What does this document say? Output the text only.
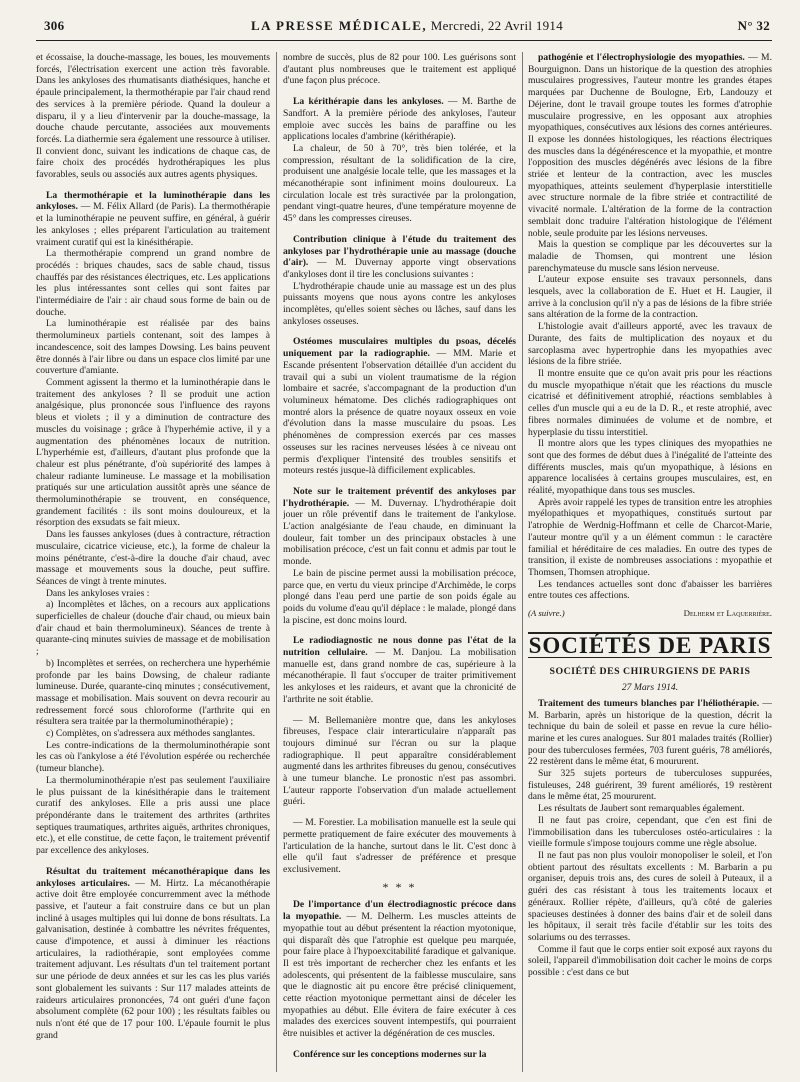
306	LA PRESSE MÉDICALE, Mercredi, 22 Avril 1914	N° 32

et écossaise, la douche-massage, les boues, les mouvements forcés, l'électrisation exercent une action très favorable. Dans les ankyloses des rhumatisants diathésiques, hanche et épaule principalement, la thermothérapie par l'air chaud rend des services à la première période. Quand la douleur a disparu, il y a lieu d'intervenir par la douche-massage, la douche chaude percutante, associées aux mouvements forcés. La diathermie sera également une ressource à utiliser. Il convient donc, suivant les indications de chaque cas, de faire choix des procédés hydrothérapiques les plus favorables, seuls ou associés aux autres agents physiques.

La thermothérapie et la luminothérapie dans les ankyloses. — M. Félix Allard (de Paris). La thermothérapie et la luminothérapie ne peuvent suffire, en général, à guérir les ankyloses ; elles préparent l'articulation au traitement vraiment curatif qui est la kinésithérapie.

La thermothérapie comprend un grand nombre de procédés : briques chaudes, sacs de sable chaud, tissus chauffés par des résistances électriques, etc. Les applications les plus intéressantes sont celles qui sont faites par l'intermédiaire de l'air : air chaud sous forme de bain ou de douche.

La luminothérapie est réalisée par des bains thermolumineux partiels contenant, soit des lampes à incandescence, soit des lampes Dowsing. Les bains peuvent être donnés à l'air libre ou dans un espace clos limité par une couverture d'amiante.

Comment agissent la thermo et la luminothérapie dans le traitement des ankyloses ? Il se produit une action analgésique, plus prononcée sous l'influence des rayons bleus et violets ; il y a diminution de contracture des muscles du voisinage ; grâce à l'hyperhémie active, il y a augmentation des phénomènes locaux de nutrition. L'hyperhémie est, d'ailleurs, d'autant plus profonde que la chaleur est plus pénétrante, d'où supériorité des lampes à chaleur radiante lumineuse. Le massage et la mobilisation pratiqués sur une articulation aussitôt après une séance de thermoluminothérapie se trouvent, en conséquence, grandement facilités : ils sont moins douloureux, et la résorption des exsudats se fait mieux.

Dans les fausses ankyloses (dues à contracture, rétraction musculaire, cicatrice vicieuse, etc.), la forme de chaleur la moins pénétrante, c'est-à-dire la douche d'air chaud, avec massage et mouvements sous la douche, peut suffire. Séances de vingt à trente minutes.

Dans les ankyloses vraies :

a) Incomplètes et lâches, on a recours aux applications superficielles de chaleur (douche d'air chaud, ou mieux bain d'air chaud et bain thermolumineux). Séances de trente à quarante-cinq minutes suivies de massage et de mobilisation ;

b) Incomplètes et serrées, on recherchera une hyperhémie profonde par les bains Dowsing, de chaleur radiante lumineuse. Durée, quarante-cinq minutes ; consécutivement, massage et mobilisation. Mais souvent on devra recourir au redressement forcé sous chloroforme (l'arthrite qui en résultera sera traitée par la thermoluminothérapie) ;

c) Complètes, on s'adressera aux méthodes sanglantes.

Les contre-indications de la thermoluminothérapie sont les cas où l'ankylose a été l'évolution espérée ou recherchée (tumeur blanche).

La thermoluminothérapie n'est pas seulement l'auxiliaire le plus puissant de la kinésithérapie dans le traitement curatif des ankyloses. Elle a pris aussi une place prépondérante dans le traitement des arthrites (arthrites septiques traumatiques, arthrites aiguës, arthrites chroniques, etc.), et elle constitue, de cette façon, le traitement préventif par excellence des ankyloses.

Résultat du traitement mécanothérapique dans les ankyloses articulaires. — M. Hirtz. La mécanothérapie active doit être employée concurremment avec la méthode passive, et l'auteur a fait construire dans ce but un plan incliné à usages multiples qui lui donne de bons résultats. La galvanisation, destinée à combattre les névrites fréquentes, cause d'impotence, et aussi à diminuer les réactions articulaires, la radiothérapie, sont employées comme traitement adjuvant. Les résultats d'un tel traitement portant sur une période de deux années et sur les cas les plus variés sont globalement les suivants : Sur 117 malades atteints de raideurs articulaires prononcées, 74 ont guéri d'une façon absolument complète (62 pour 100) ; les résultats faibles ou nuls n'ont été que de 17 pour 100. L'épaule fournit le plus grand

nombre de succès, plus de 82 pour 100. Les guérisons sont d'autant plus nombreuses que le traitement est appliqué d'une façon plus précoce.

La kérithérapie dans les ankyloses. — M. Barthe de Sandfort. A la première période des ankyloses, l'auteur emploie avec succès les bains de paraffine ou les applications locales d'ambrine (kérithérapie).

La chaleur, de 50 à 70°, très bien tolérée, et la compression, résultant de la solidification de la cire, produisent une analgésie locale telle, que les massages et la mécanothérapie sont infiniment moins douloureux. La circulation locale est très suractivée par la prolongation, pendant vingt-quatre heures, d'une température moyenne de 45° dans les compresses cireuses.

Contribution clinique à l'étude du traitement des ankyloses par l'hydrothérapie unie au massage (douche d'air). — M. Duvernay apporte vingt observations d'ankyloses dont il tire les conclusions suivantes :

L'hydrothérapie chaude unie au massage est un des plus puissants moyens que nous ayons contre les ankyloses incomplètes, qu'elles soient sèches ou lâches, sauf dans les ankyloses osseuses.

Ostéomes musculaires multiples du psoas, décelés uniquement par la radiographie. — MM. Marie et Escande présentent l'observation détaillée d'un accident du travail qui a subi un violent traumatisme de la région lombaire et sacrée, s'accompagnant de la production d'un volumineux hématome. Des clichés radiographiques ont montré alors la présence de quatre noyaux osseux en voie d'évolution dans la masse musculaire du psoas. Les phénomènes de compression exercés par ces masses osseuses sur les racines nerveuses lésées à ce niveau ont permis d'expliquer l'intensité des troubles sensitifs et moteurs restés jusque-là difficilement explicables.

Note sur le traitement préventif des ankyloses par l'hydrothérapie. — M. Duvernay. L'hydrothérapie doit jouer un rôle préventif dans le traitement de l'ankylose. L'action analgésiante de l'eau chaude, en diminuant la douleur, fait tomber un des principaux obstacles à une mobilisation précoce, c'est un fait connu et admis par tout le monde.

Le bain de piscine permet aussi la mobilisation précoce, parce que, en vertu du vieux principe d'Archimède, le corps plongé dans l'eau perd une partie de son poids égale au poids du volume d'eau qu'il déplace : le malade, plongé dans la piscine, est donc moins lourd.

Le radiodiagnostic ne nous donne pas l'état de la nutrition cellulaire. — M. Danjou. La mobilisation manuelle est, dans grand nombre de cas, supérieure à la mécanothérapie. Il faut s'occuper de traiter primitivement les ankyloses et les raideurs, et avant que la chronicité de l'arthrite ne soit établie.

— M. Bellemanière montre que, dans les ankyloses fibreuses, l'espace clair interarticulaire n'apparaît pas toujours diminué sur l'écran ou sur la plaque radiographique. Il peut apparaître considérablement augmenté dans les arthrites fibreuses du genou, consécutives à une tumeur blanche. Le pronostic n'est pas assombri. L'auteur rapporte l'observation d'un malade actuellement guéri.

— M. Forestier. La mobilisation manuelle est la seule qui permette pratiquement de faire exécuter des mouvements à l'articulation de la hanche, surtout dans le lit. C'est donc à elle qu'il faut s'adresser de préférence et presque exclusivement.

* * *

De l'importance d'un électrodiagnostic précoce dans la myopathie. — M. Delherm. Les muscles atteints de myopathie tout au début présentent la réaction myotonique, qui disparaît dès que l'atrophie est quelque peu marquée, pour faire place à l'hypoexcitabilité faradique et galvanique. Il est très important de rechercher chez les enfants et les adolescents, qui présentent de la faiblesse musculaire, sans que le diagnostic ait pu encore être précisé cliniquement, cette réaction myotonique permettant ainsi de déceler les myopathies au début. Elle évitera de faire exécuter à ces malades des exercices souvent intempestifs, qui pourraient être nuisibles et activer la dégénération de ces muscles.

Conférence sur les conceptions modernes sur la

pathogénie et l'électrophysiologie des myopathies. — M. Bourguignon. Dans un historique de la question des atrophies musculaires progressives, l'auteur montre les grandes étapes marquées par Duchenne de Boulogne, Erb, Landouzy et Déjerine, dont le travail groupe toutes les formes d'atrophie musculaire progressive, en les opposant aux atrophies myopathiques, consécutives aux lésions des cornes antérieures. Il expose les données histologiques, les réactions électriques des muscles dans la dégénérescence et la myopathie, et montre l'opposition des muscles dégénérés avec lésions de la fibre striée et lenteur de la contraction, avec les muscles myopathiques, atteints seulement d'hyperplasie interstitielle avec structure normale de la fibre striée et contractilité de vivacité normale. L'altération de la forme de la contraction semblait donc traduire l'altération histologique de l'élément noble, seule produite par les lésions nerveuses.

Mais la question se complique par les découvertes sur la maladie de Thomsen, qui montrent une lésion parenchymateuse du muscle sans lésion nerveuse.

L'auteur expose ensuite ses travaux personnels, dans lesquels, avec la collaboration de E. Huet et H. Laugier, il arrive à la conclusion qu'il n'y a pas de lésions de la fibre striée sans altération de la forme de la contraction.

L'histologie avait d'ailleurs apporté, avec les travaux de Durante, des faits de multiplication des noyaux et du sarcoplasma avec hypertrophie dans les myopathies avec lésions de la fibre striée.

Il montre ensuite que ce qu'on avait pris pour les réactions du muscle myopathique n'était que les réactions du muscle cicatrisé et définitivement atrophié, réactions semblables à celles d'un muscle qui a eu de la D. R., et reste atrophié, avec fibres normales diminuées de volume et de nombre, et hyperplasie du tissu interstitiel.

Il montre alors que les types cliniques des myopathies ne sont que des formes de début dues à l'inégalité de l'atteinte des différents muscles, mais qu'un myopathique, à lésions en apparence localisées à certains groupes musculaires, est, en réalité, myopathique dans tous ses muscles.

Après avoir rappelé les types de transition entre les atrophies myélopathiques et myopathiques, constitués surtout par l'atrophie de Werdnig-Hoffmann et celle de Charcot-Marie, l'auteur montre qu'il y a un élément commun : le caractère familial et héréditaire de ces maladies. En outre des types de transition, il existe de nombreuses associations : myopathie et Thomsen, Thomsen atrophique.

Les tendances actuelles sont donc d'abaisser les barrières entre toutes ces affections.

(A suivre.)	Delherm et Laquerrière.
SOCIÉTÉS DE PARIS
SOCIÉTÉ DES CHIRURGIENS DE PARIS
27 Mars 1914.

Traitement des tumeurs blanches par l'héliothérapie. — M. Barbarin, après un historique de la question, décrit la technique du bain de soleil et passe en revue la cure hélio-marine et les cures analogues. Sur 801 malades traités (Rollier) pour des tuberculoses fermées, 703 furent guéris, 78 améliorés, 22 restèrent dans le même état, 6 moururent.

Sur 325 sujets porteurs de tuberculoses suppurées, fistuleuses, 248 guérirent, 39 furent améliorés, 19 restèrent dans le même état, 25 moururent.

Les résultats de Jaubert sont remarquables également.

Il ne faut pas croire, cependant, que c'en est fini de l'immobilisation dans les tuberculoses ostéo-articulaires : la vieille formule s'impose toujours comme une règle absolue.

Il ne faut pas non plus vouloir monopoliser le soleil, et l'on obtient partout des résultats excellents : M. Barbarin a pu organiser, depuis trois ans, des cures de soleil à Puteaux, il a guéri des cas résistant à tous les traitements locaux et généraux. Rollier répète, d'ailleurs, qu'à côté de galeries spacieuses destinées à donner des bains d'air et de soleil dans les hôpitaux, il serait très facile d'établir sur les toits des solariums ou des terrasses.

Comme il faut que le corps entier soit exposé aux rayons du soleil, l'appareil d'immobilisation doit cacher le moins de corps possible : c'est dans ce but
